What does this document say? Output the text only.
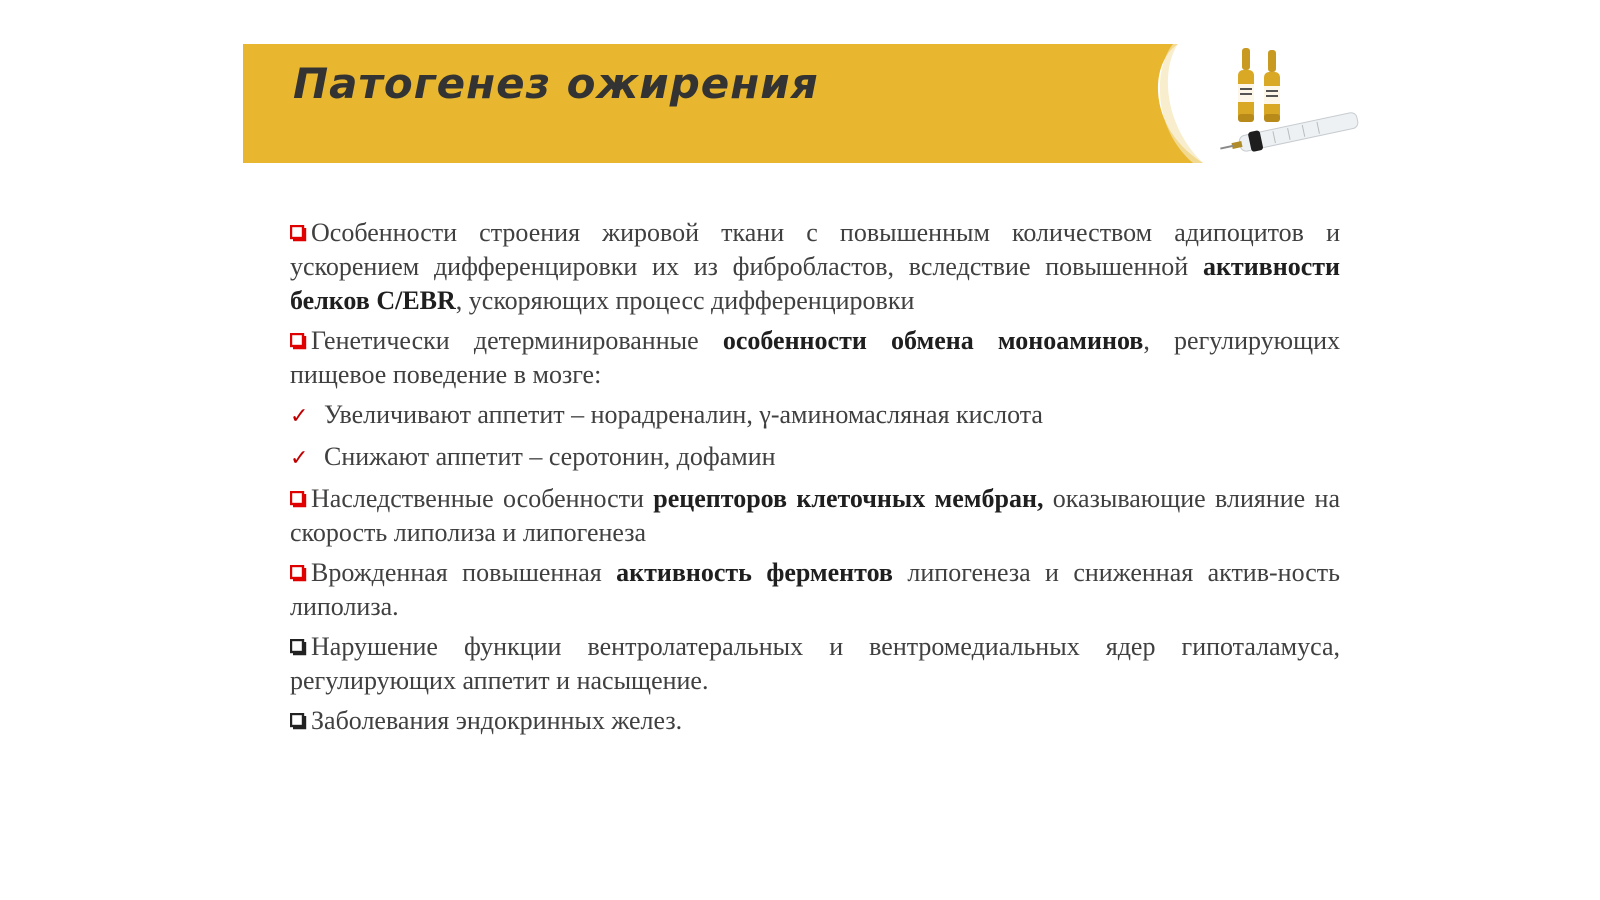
Патогенез ожирения

Особенности строения жировой ткани с повышенным количеством адипоцитов и ускорением дифференцировки их из фибробластов, вследствие повышенной активности белков C/EBR, ускоряющих процесс дифференцировки

Генетически детерминированные особенности обмена моноаминов, регулирующих пищевое поведение в мозге:

✓ Увеличивают аппетит – норадреналин, γ-аминомасляная кислота

✓ Снижают аппетит – серотонин, дофамин

Наследственные особенности рецепторов клеточных мембран, оказывающие влияние на скорость липолиза и липогенеза

Врожденная повышенная активность ферментов липогенеза и сниженная актив-ность липолиза.

Нарушение функции вентролатеральных и вентромедиальных ядер гипоталамуса, регулирующих аппетит и насыщение.

Заболевания эндокринных желез.
